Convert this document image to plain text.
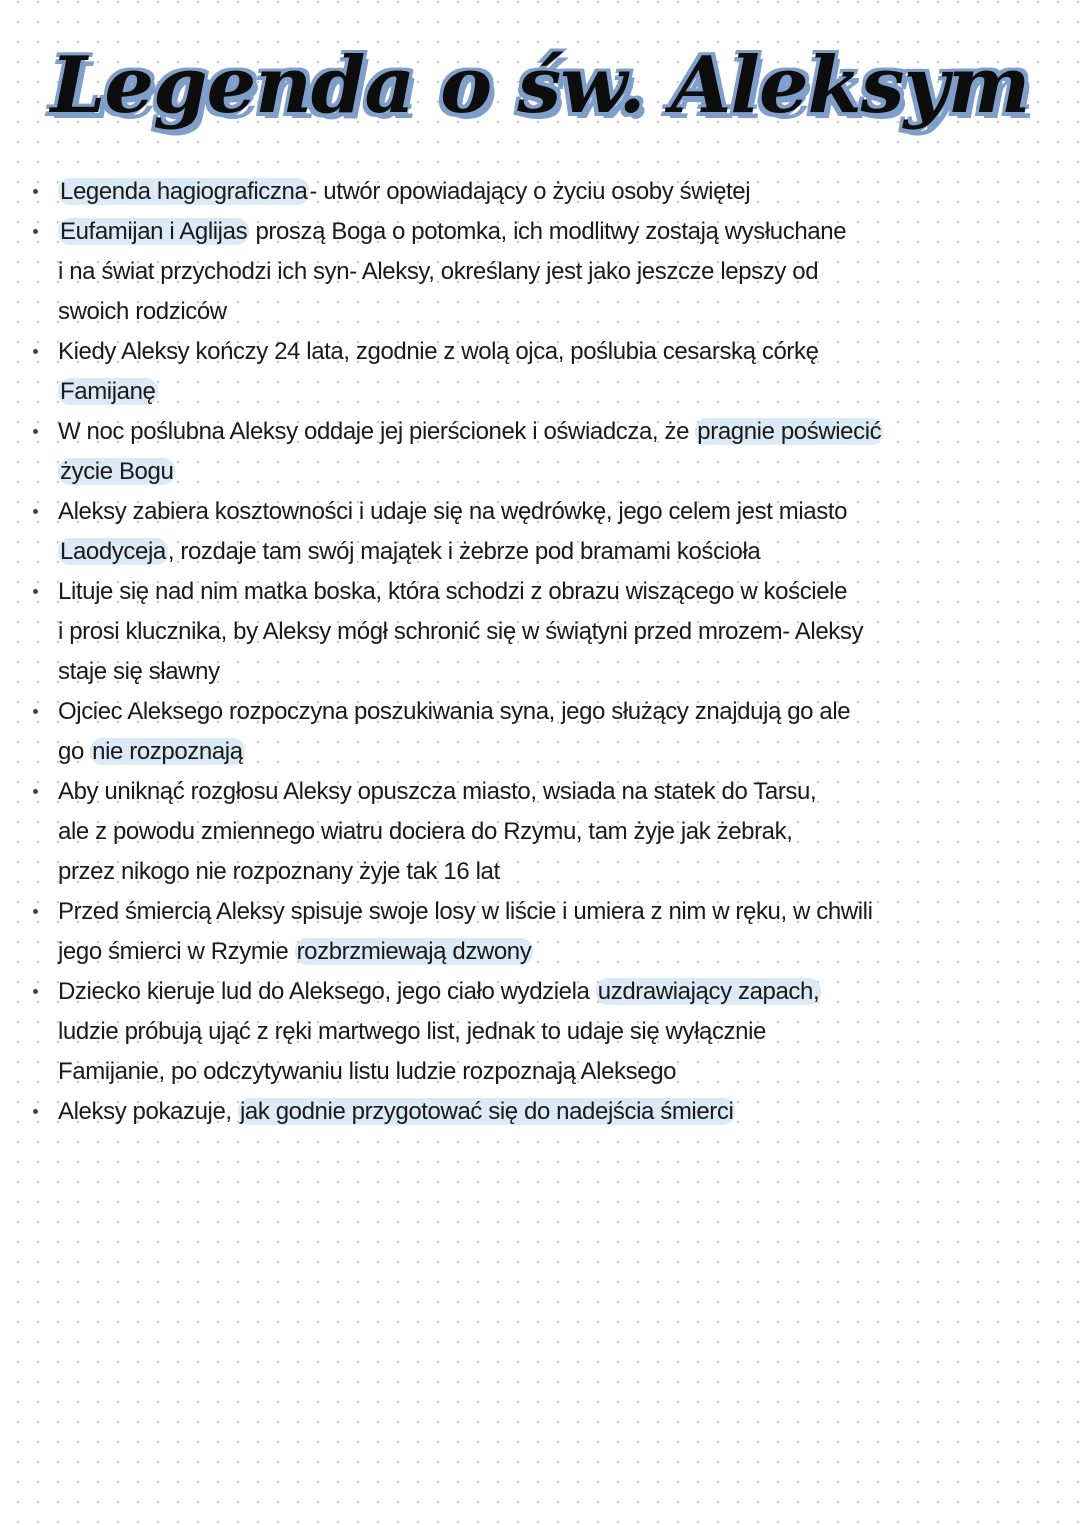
Legenda o św. Aleksym
Legenda hagiograficzna- utwór opowiadający o życiu osoby świętej
Eufamijan i Aglijas proszą Boga o potomka, ich modlitwy zostają wysłuchane
i na świat przychodzi ich syn- Aleksy, określany jest jako jeszcze lepszy od
swoich rodziców
Kiedy Aleksy kończy 24 lata, zgodnie z wolą ojca, poślubia cesarską córkę
Famijanę
W noc poślubna Aleksy oddaje jej pierścionek i oświadcza, że pragnie poświecić
życie Bogu
Aleksy zabiera kosztowności i udaje się na wędrówkę, jego celem jest miasto
Laodyceja, rozdaje tam swój majątek i żebrze pod bramami kościoła
Lituje się nad nim matka boska, która schodzi z obrazu wiszącego w kościele
i prosi klucznika, by Aleksy mógł schronić się w świątyni przed mrozem- Aleksy
staje się sławny
Ojciec Aleksego rozpoczyna poszukiwania syna, jego służący znajdują go ale
go nie rozpoznają
Aby uniknąć rozgłosu Aleksy opuszcza miasto, wsiada na statek do Tarsu,
ale z powodu zmiennego wiatru dociera do Rzymu, tam żyje jak żebrak,
przez nikogo nie rozpoznany żyje tak 16 lat
Przed śmiercią Aleksy spisuje swoje losy w liście i umiera z nim w ręku, w chwili
jego śmierci w Rzymie rozbrzmiewają dzwony
Dziecko kieruje lud do Aleksego, jego ciało wydziela uzdrawiający zapach,
ludzie próbują ująć z ręki martwego list, jednak to udaje się wyłącznie
Famijanie, po odczytywaniu listu ludzie rozpoznają Aleksego
Aleksy pokazuje, jak godnie przygotować się do nadejścia śmierci
